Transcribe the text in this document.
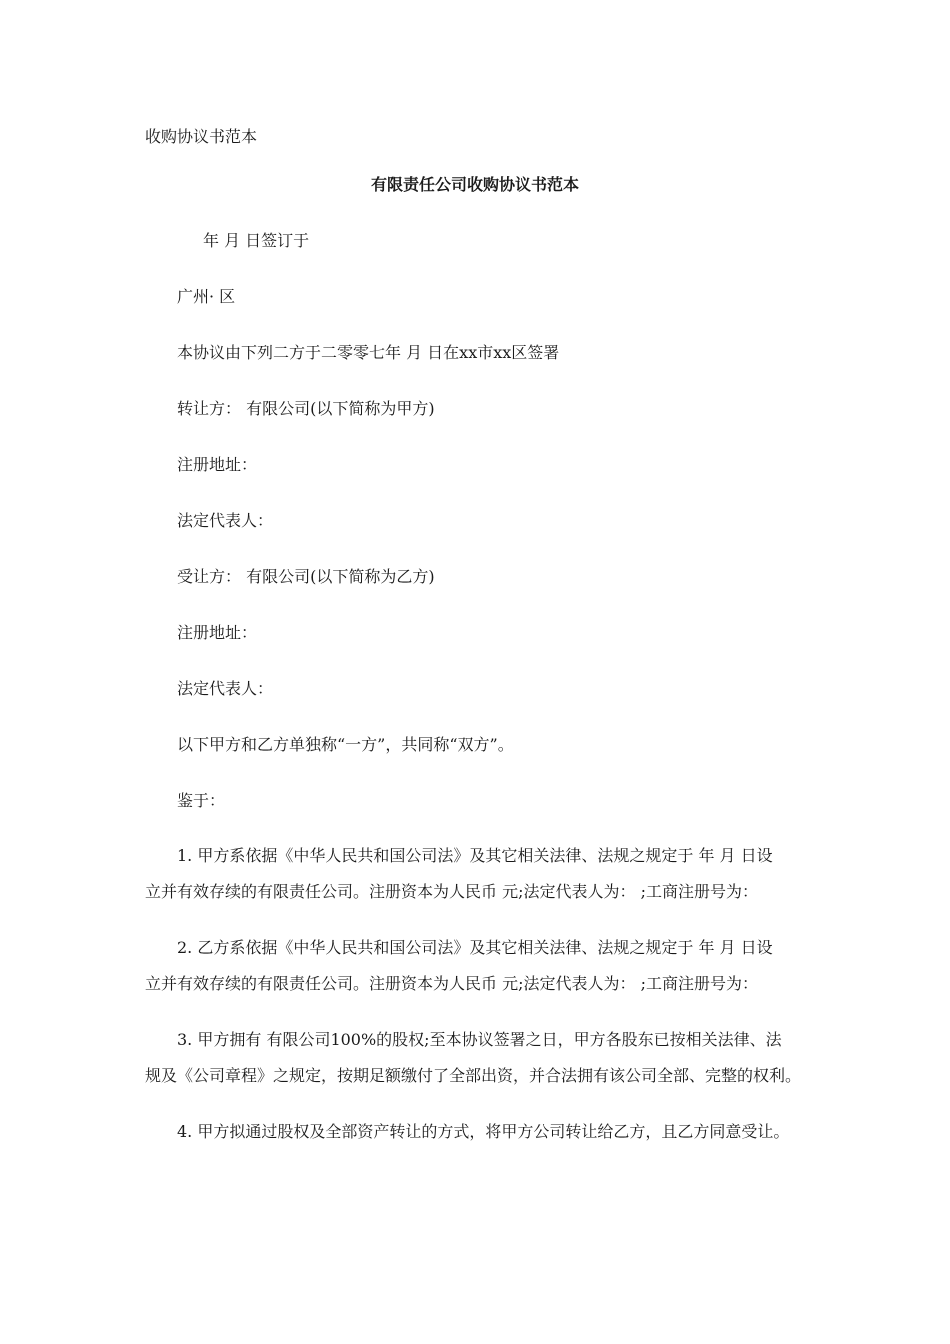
收购协议书范本
有限责任公司收购协议书范本
年 月 日签订于
广州· 区
本协议由下列二方于二零零七年 月 日在xx市xx区签署
转让方： 有限公司(以下简称为甲方)
注册地址：
法定代表人：
受让方： 有限公司(以下简称为乙方)
注册地址：
法定代表人：
以下甲方和乙方单独称“一方”，共同称“双方”。
鉴于：
1. 甲方系依据《中华人民共和国公司法》及其它相关法律、法规之规定于 年 月 日设
立并有效存续的有限责任公司。注册资本为人民币 元;法定代表人为： ;工商注册号为：
2. 乙方系依据《中华人民共和国公司法》及其它相关法律、法规之规定于 年 月 日设
立并有效存续的有限责任公司。注册资本为人民币 元;法定代表人为： ;工商注册号为：
3. 甲方拥有 有限公司100%的股权;至本协议签署之日，甲方各股东已按相关法律、法
规及《公司章程》之规定，按期足额缴付了全部出资，并合法拥有该公司全部、完整的权利。
4. 甲方拟通过股权及全部资产转让的方式，将甲方公司转让给乙方，且乙方同意受让。
